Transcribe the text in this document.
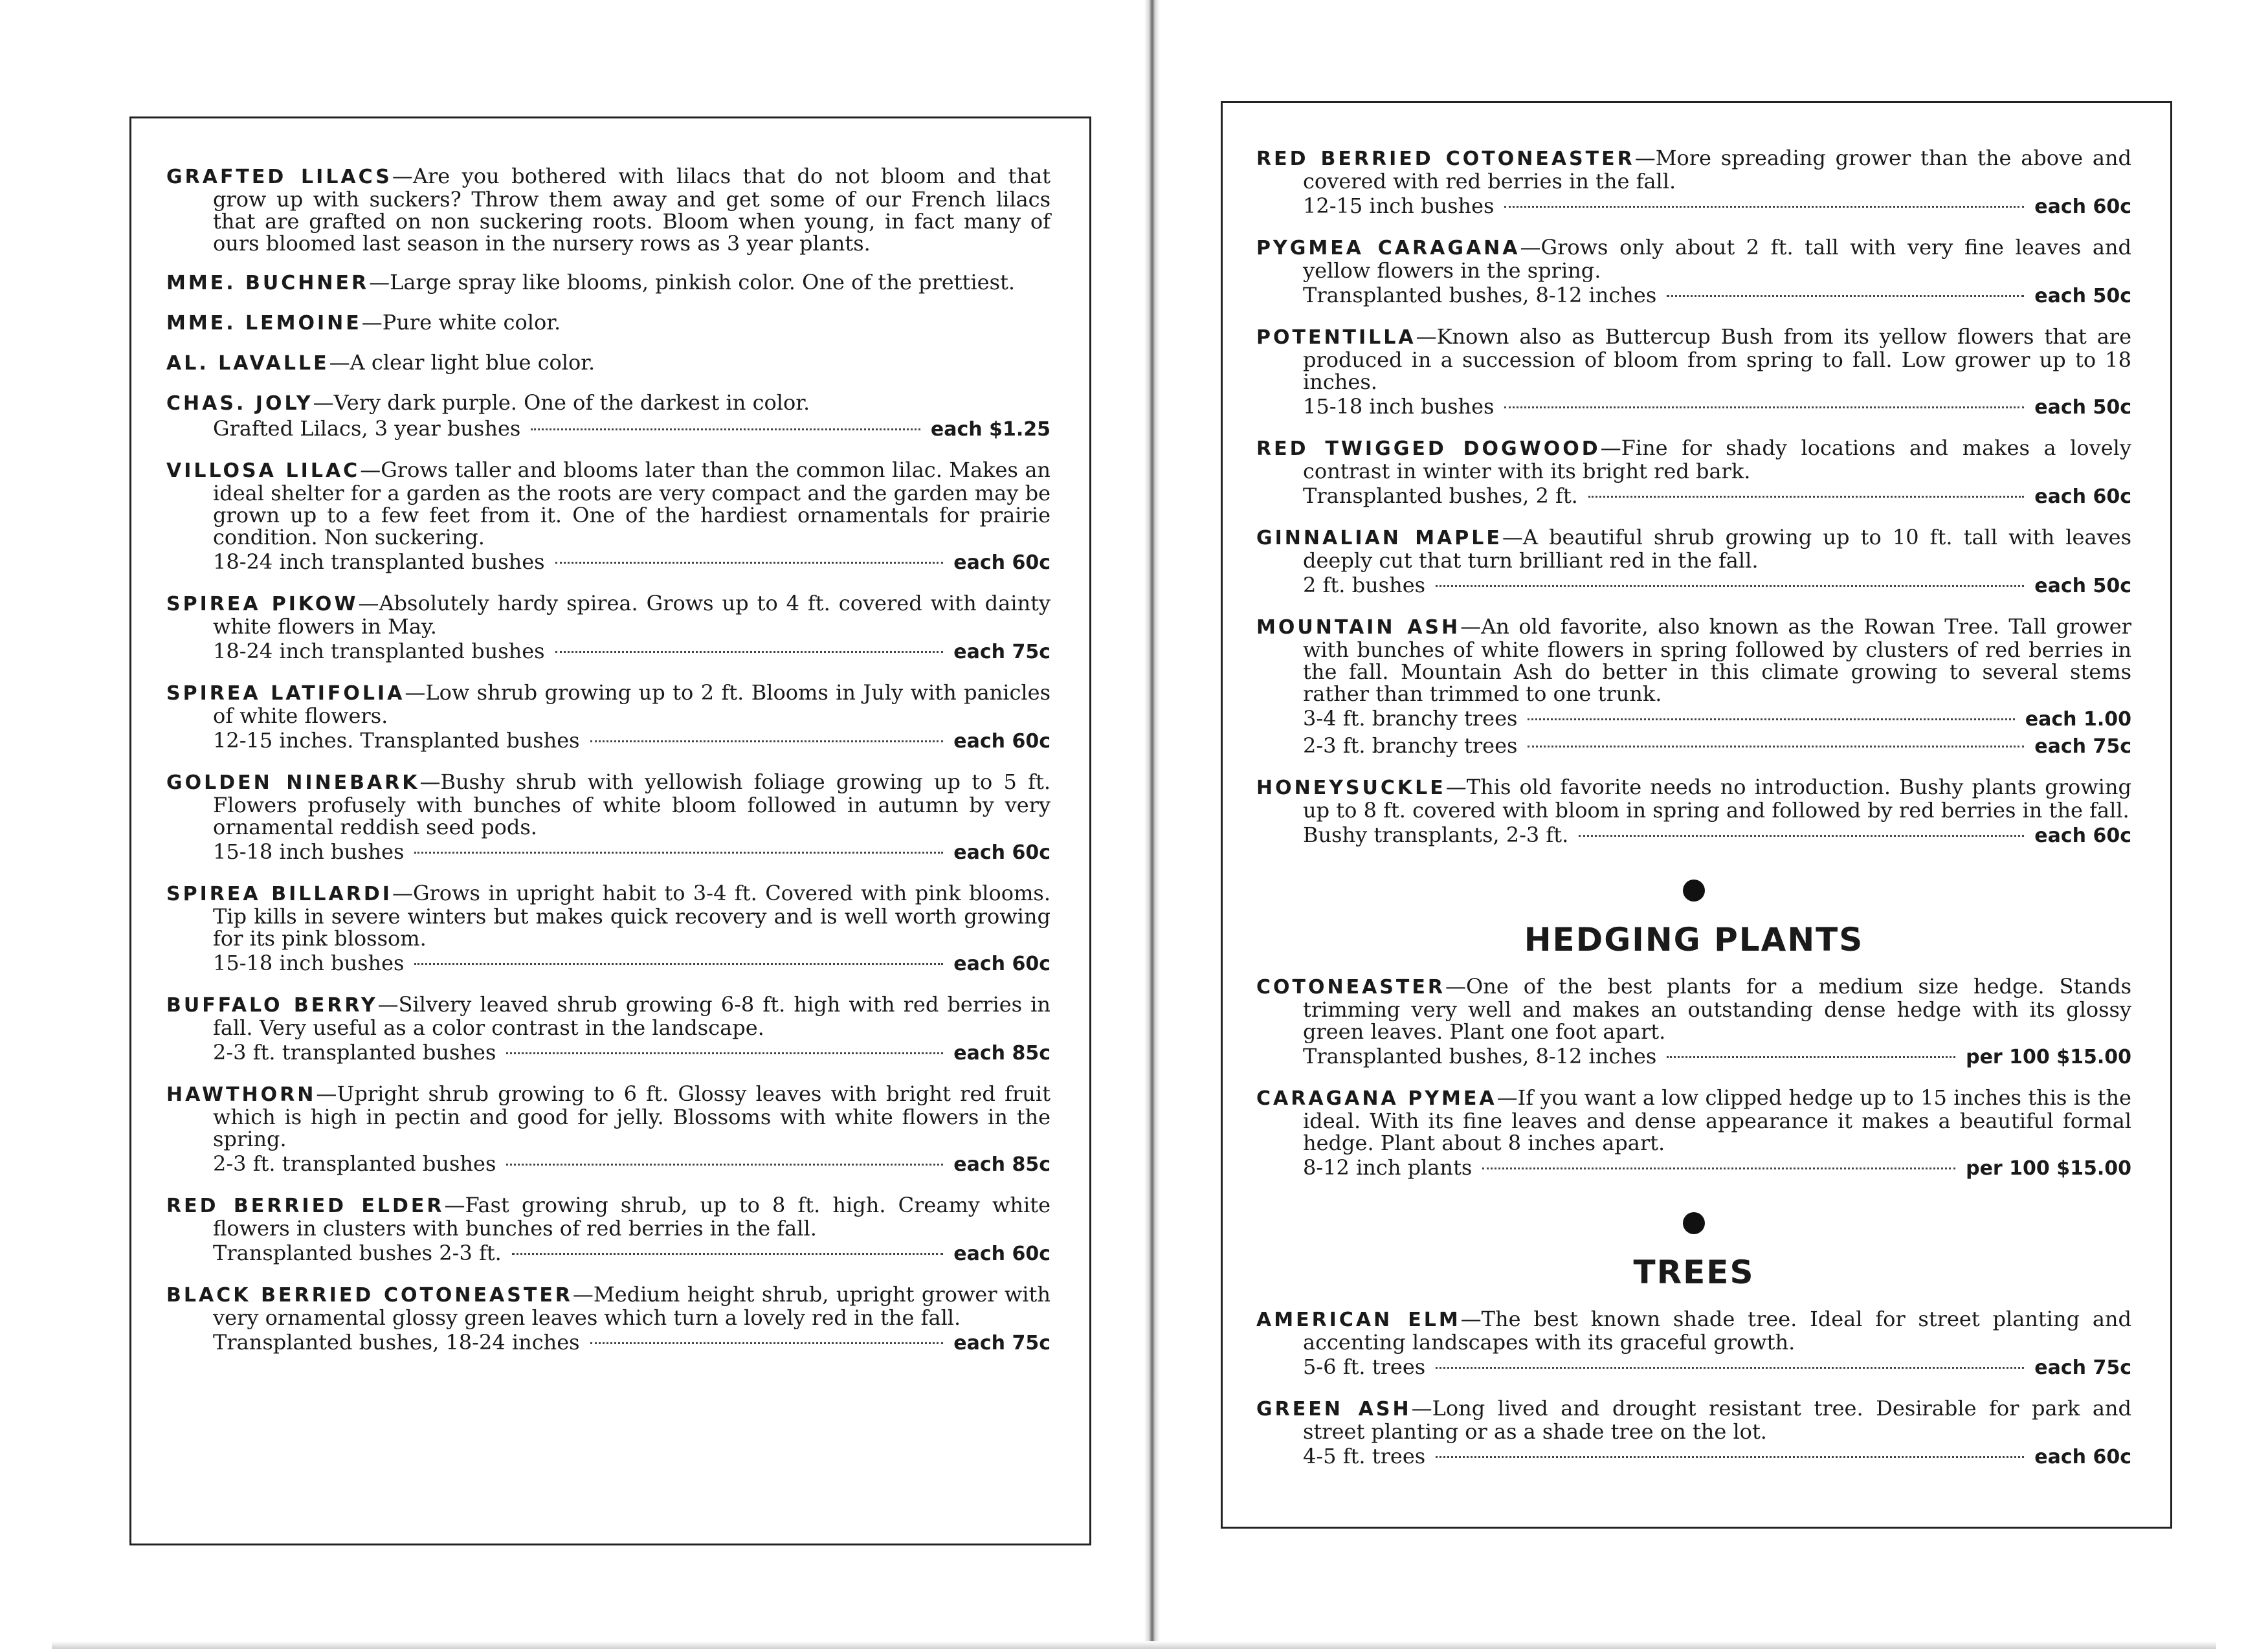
GRAFTED LILACS—Are you bothered with lilacs that do not bloom and that grow up with suckers? Throw them away and get some of our French lilacs that are grafted on non suckering roots. Bloom when young, in fact many of ours bloomed last season in the nursery rows as 3 year plants.

MME. BUCHNER—Large spray like blooms, pinkish color. One of the prettiest.

MME. LEMOINE—Pure white color.

AL. LAVALLE—A clear light blue color.

CHAS. JOLY—Very dark purple. One of the darkest in color.

Grafted Lilacs, 3 year bushes	each $1.25

VILLOSA LILAC—Grows taller and blooms later than the common lilac. Makes an ideal shelter for a garden as the roots are very compact and the garden may be grown up to a few feet from it. One of the hardiest ornamentals for prairie condition. Non suckering.

18-24 inch transplanted bushes	each 60c

SPIREA PIKOW—Absolutely hardy spirea. Grows up to 4 ft. covered with dainty white flowers in May.

18-24 inch transplanted bushes	each 75c

SPIREA LATIFOLIA—Low shrub growing up to 2 ft. Blooms in July with panicles of white flowers.

12-15 inches. Transplanted bushes	each 60c

GOLDEN NINEBARK—Bushy shrub with yellowish foliage growing up to 5 ft. Flowers profusely with bunches of white bloom followed in autumn by very ornamental reddish seed pods.

15-18 inch bushes	each 60c

SPIREA BILLARDI—Grows in upright habit to 3-4 ft. Covered with pink blooms. Tip kills in severe winters but makes quick recovery and is well worth growing for its pink blossom.

15-18 inch bushes	each 60c

BUFFALO BERRY—Silvery leaved shrub growing 6-8 ft. high with red berries in fall. Very useful as a color contrast in the landscape.

2-3 ft. transplanted bushes	each 85c

HAWTHORN—Upright shrub growing to 6 ft. Glossy leaves with bright red fruit which is high in pectin and good for jelly. Blossoms with white flowers in the spring.

2-3 ft. transplanted bushes	each 85c

RED BERRIED ELDER—Fast growing shrub, up to 8 ft. high. Creamy white flowers in clusters with bunches of red berries in the fall.

Transplanted bushes 2-3 ft.	each 60c

BLACK BERRIED COTONEASTER—Medium height shrub, upright grower with very ornamental glossy green leaves which turn a lovely red in the fall.

Transplanted bushes, 18-24 inches	each 75c

RED BERRIED COTONEASTER—More spreading grower than the above and covered with red berries in the fall.

12-15 inch bushes	each 60c

PYGMEA CARAGANA—Grows only about 2 ft. tall with very fine leaves and yellow flowers in the spring.

Transplanted bushes, 8-12 inches	each 50c

POTENTILLA—Known also as Buttercup Bush from its yellow flowers that are produced in a succession of bloom from spring to fall. Low grower up to 18 inches.

15-18 inch bushes	each 50c

RED TWIGGED DOGWOOD—Fine for shady locations and makes a lovely contrast in winter with its bright red bark.

Transplanted bushes, 2 ft.	each 60c

GINNALIAN MAPLE—A beautiful shrub growing up to 10 ft. tall with leaves deeply cut that turn brilliant red in the fall.

2 ft. bushes	each 50c

MOUNTAIN ASH—An old favorite, also known as the Rowan Tree. Tall grower with bunches of white flowers in spring followed by clusters of red berries in the fall. Mountain Ash do better in this climate growing to several stems rather than trimmed to one trunk.

3-4 ft. branchy trees	each 1.00
2-3 ft. branchy trees	each 75c

HONEYSUCKLE—This old favorite needs no introduction. Bushy plants growing up to 8 ft. covered with bloom in spring and followed by red berries in the fall.

Bushy transplants, 2-3 ft.	each 60c
HEDGING PLANTS

COTONEASTER—One of the best plants for a medium size hedge. Stands trimming very well and makes an outstanding dense hedge with its glossy green leaves. Plant one foot apart.

Transplanted bushes, 8-12 inches	per 100 $15.00

CARAGANA PYMEA—If you want a low clipped hedge up to 15 inches this is the ideal. With its fine leaves and dense appearance it makes a beautiful formal hedge. Plant about 8 inches apart.

8-12 inch plants	per 100 $15.00
TREES

AMERICAN ELM—The best known shade tree. Ideal for street planting and accenting landscapes with its graceful growth.

5-6 ft. trees	each 75c

GREEN ASH—Long lived and drought resistant tree. Desirable for park and street planting or as a shade tree on the lot.

4-5 ft. trees	each 60c
